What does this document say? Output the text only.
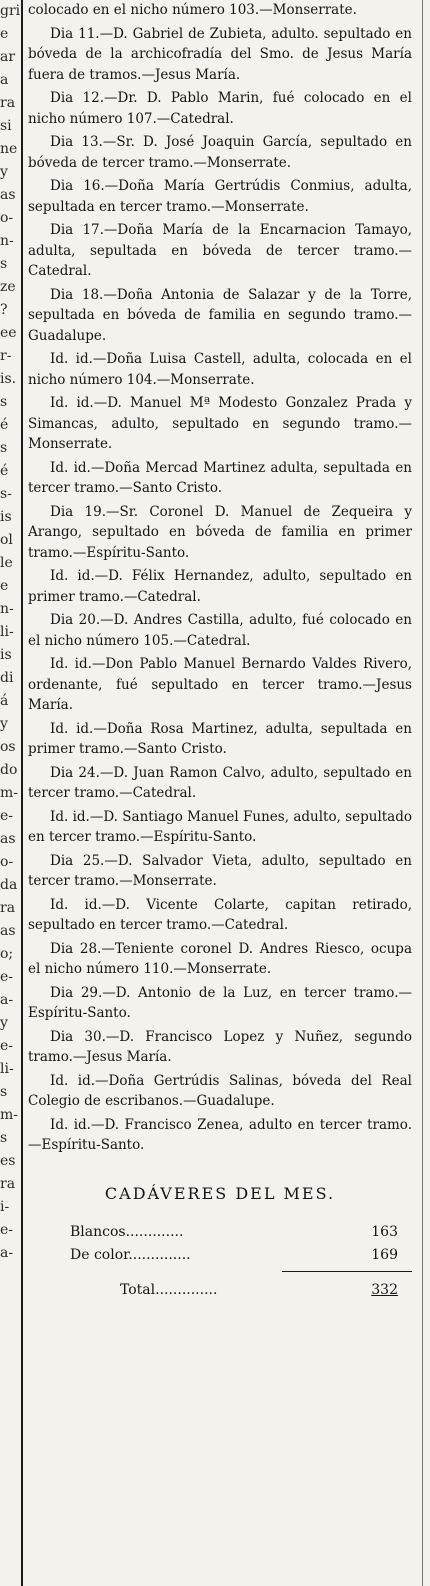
gri
e
ar
a
ra
si
ne
y
as
o-
n-
s
ze
?
ee
r-
is.
s
é
s
é
s-
is
ol
le
e
n-
li-
is
di
á
y
os
do
m-
e-
as
o-
da
ra
as
o;
e-
a-
y
e-
li-
s
m-
s
es
ra
i-
e-
a-

colocado en el nicho número 103.—Monserrate.

Dia 11.—D. Gabriel de Zubieta, adulto. sepultado en bóveda de la archicofradía del Smo. de Jesus María fuera de tramos.—Jesus María.

Dia 12.—Dr. D. Pablo Marin, fué colocado en el nicho número 107.—Catedral.

Dia 13.—Sr. D. José Joaquin García, sepultado en bóveda de tercer tramo.—Monserrate.

Dia 16.—Doña María Gertrúdis Conmius, adulta, sepultada en tercer tramo.—Monserrate.

Dia 17.—Doña María de la Encarnacion Tamayo, adulta, sepultada en bóveda de tercer tramo.—Catedral.

Dia 18.—Doña Antonia de Salazar y de la Torre, sepultada en bóveda de familia en segundo tramo.—Guadalupe.

Id. id.—Doña Luisa Castell, adulta, colocada en el nicho número 104.—Monserrate.

Id. id.—D. Manuel Mª Modesto Gonzalez Prada y Simancas, adulto, sepultado en segundo tramo.—Monserrate.

Id. id.—Doña Mercad Martinez adulta, sepultada en tercer tramo.—Santo Cristo.

Dia 19.—Sr. Coronel D. Manuel de Zequeira y Arango, sepultado en bóveda de familia en primer tramo.—Espíritu-Santo.

Id. id.—D. Félix Hernandez, adulto, sepultado en primer tramo.—Catedral.

Dia 20.—D. Andres Castilla, adulto, fué colocado en el nicho número 105.—Catedral.

Id. id.—Don Pablo Manuel Bernardo Valdes Rivero, ordenante, fué sepultado en tercer tramo.—Jesus María.

Id. id.—Doña Rosa Martinez, adulta, sepultada en primer tramo.—Santo Cristo.

Dia 24.—D. Juan Ramon Calvo, adulto, sepultado en tercer tramo.—Catedral.

Id. id.—D. Santiago Manuel Funes, adulto, sepultado en tercer tramo.—Espíritu-Santo.

Dia 25.—D. Salvador Vieta, adulto, sepultado en tercer tramo.—Monserrate.

Id. id.—D. Vicente Colarte, capitan retirado, sepultado en tercer tramo.—Catedral.

Dia 28.—Teniente coronel D. Andres Riesco, ocupa el nicho número 110.—Monserrate.

Dia 29.—D. Antonio de la Luz, en tercer tramo.—Espíritu-Santo.

Dia 30.—D. Francisco Lopez y Nuñez, segundo tramo.—Jesus María.

Id. id.—Doña Gertrúdis Salinas, bóveda del Real Colegio de escribanos.—Guadalupe.

Id. id.—D. Francisco Zenea, adulto en tercer tramo.—Espíritu-Santo.

CADÁVERES DEL MES.
Blancos.............	163
De color..............	169
Total..............	332
